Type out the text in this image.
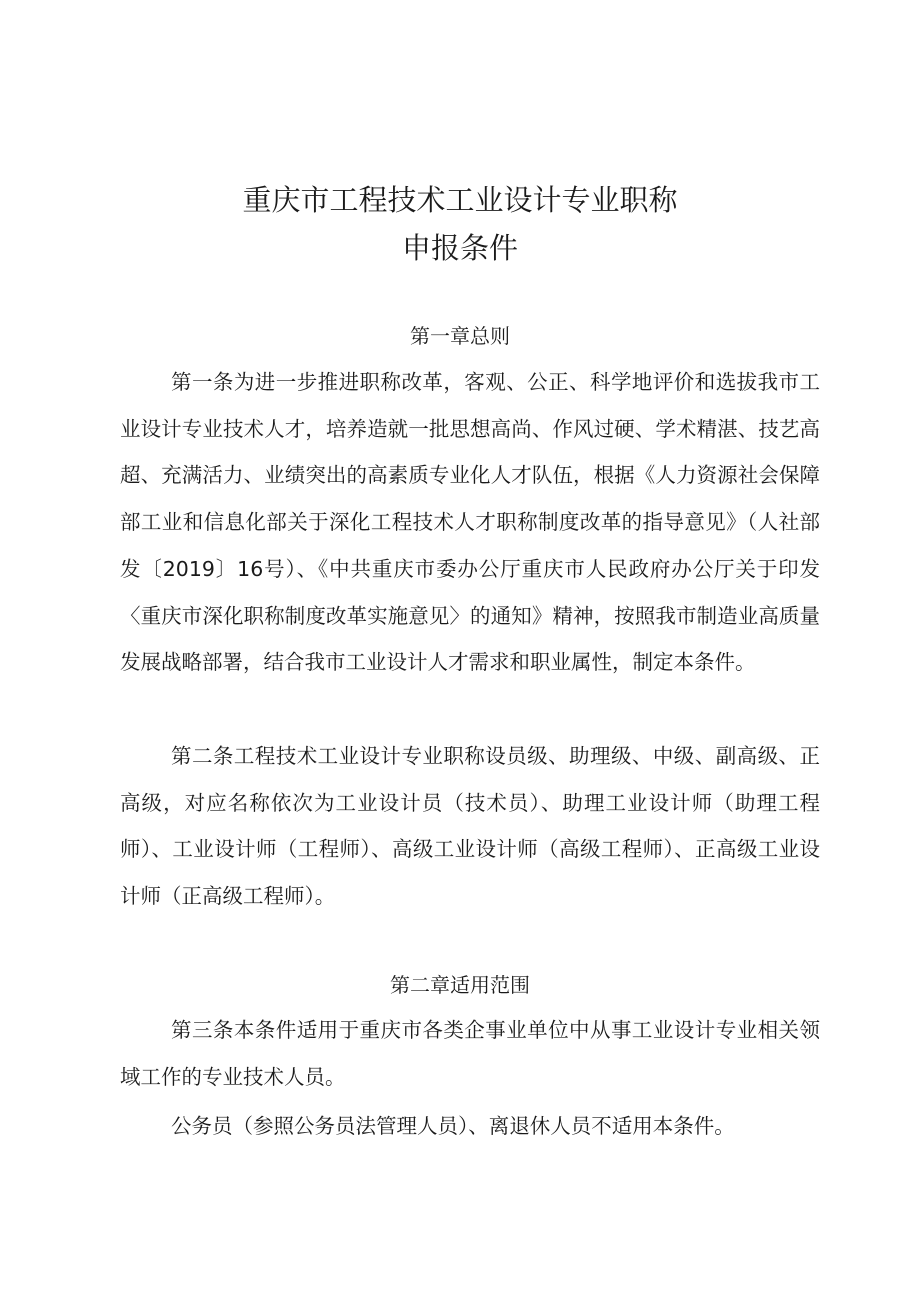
重庆市工程技术工业设计专业职称
申报条件
第一章总则

第一条为进一步推进职称改革，客观、公正、科学地评价和选拔我市工业设计专业技术人才，培养造就一批思想高尚、作风过硬、学术精湛、技艺高超、充满活力、业绩突出的高素质专业化人才队伍，根据《人力资源社会保障部工业和信息化部关于深化工程技术人才职称制度改革的指导意见》（人社部发〔2019〕16号）、《中共重庆市委办公厅重庆市人民政府办公厅关于印发〈重庆市深化职称制度改革实施意见〉的通知》精神，按照我市制造业高质量发展战略部署，结合我市工业设计人才需求和职业属性，制定本条件。

第二条工程技术工业设计专业职称设员级、助理级、中级、副高级、正高级，对应名称依次为工业设计员（技术员）、助理工业设计师（助理工程师）、工业设计师（工程师）、高级工业设计师（高级工程师）、正高级工业设计师（正高级工程师）。

第二章适用范围

第三条本条件适用于重庆市各类企事业单位中从事工业设计专业相关领域工作的专业技术人员。

公务员（参照公务员法管理人员）、离退休人员不适用本条件。
